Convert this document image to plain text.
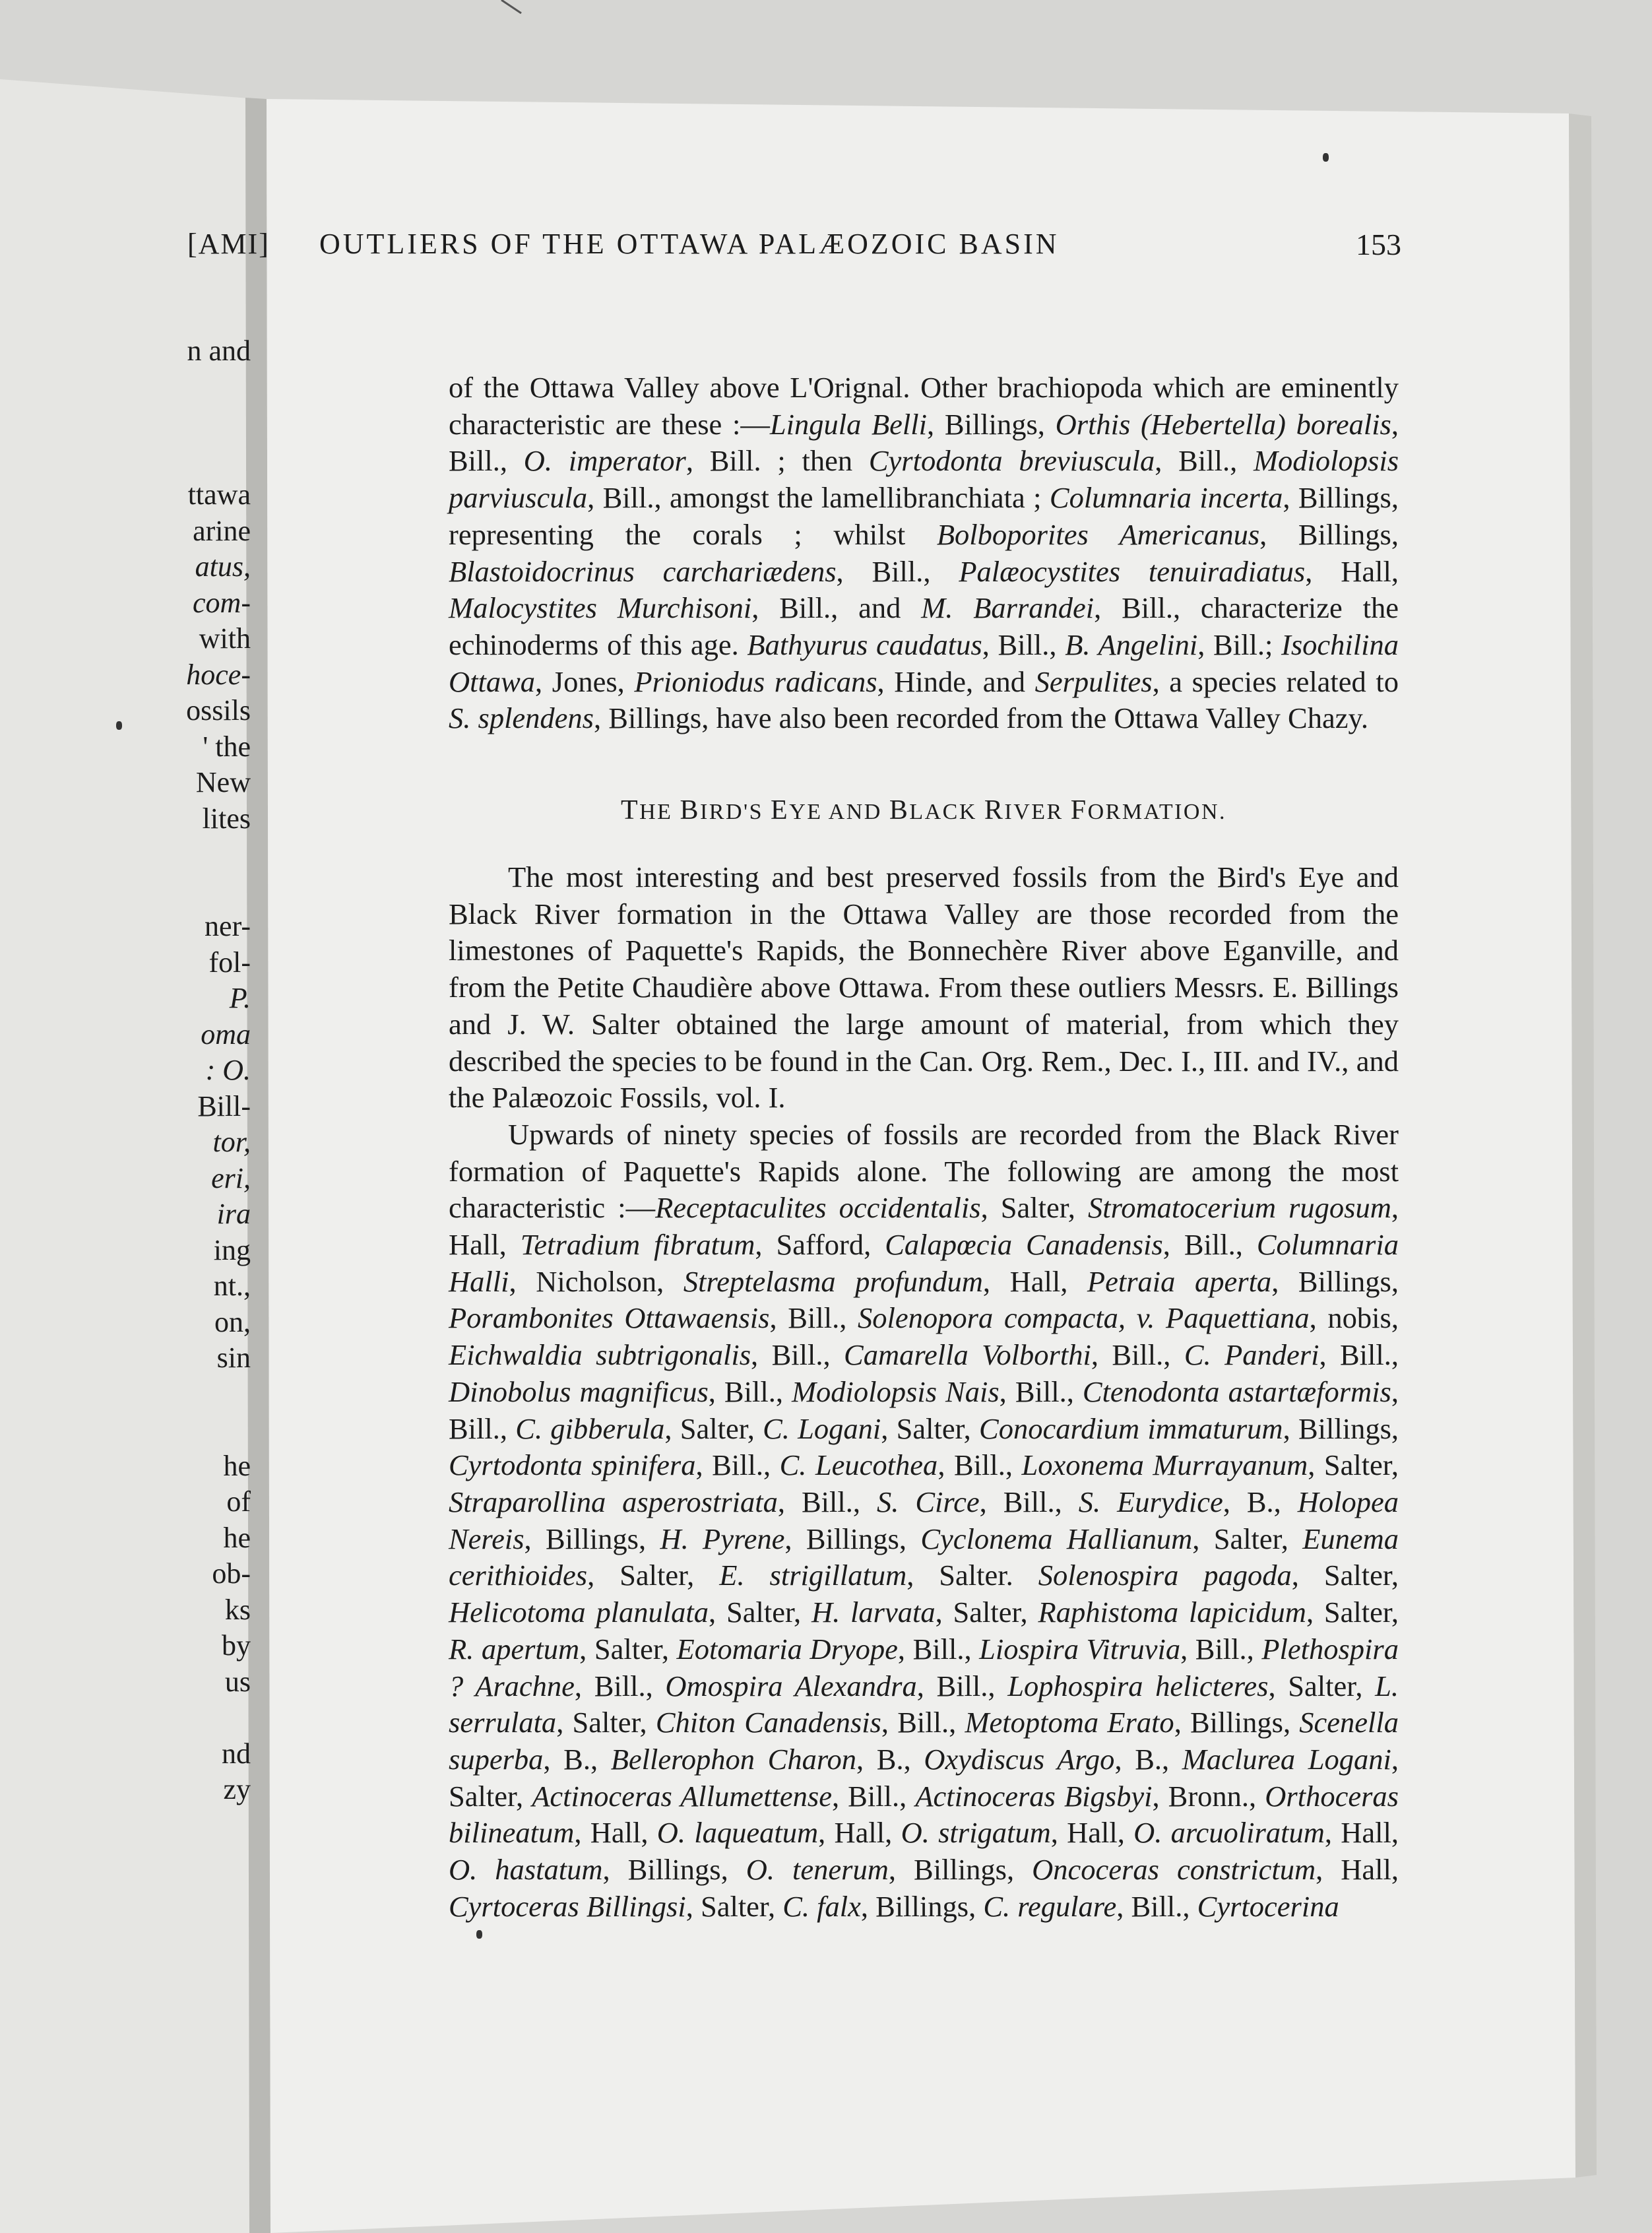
n and
ttawa
arine
atus,
com-
with
hoce-
ossils
' the
New
lites
ner-
fol-
P.
oma
: O.
Bill-
tor,
eri,
ira
ing
nt.,
on,
sin
he
of
he
ob-
ks
by
us
nd
zy
[AMI] OUTLIERS OF THE OTTAWA PALÆOZOIC BASIN	153

of the Ottawa Valley above L'Orignal. Other brachiopoda which are eminently characteristic are these :—Lingula Belli, Billings, Orthis (Hebertella) borealis, Bill., O. imperator, Bill. ; then Cyrtodonta breviuscula, Bill., Modiolopsis parviuscula, Bill., amongst the lamellibranchiata ; Columnaria incerta, Billings, representing the corals ; whilst Bolboporites Americanus, Billings, Blastoidocrinus carchariædens, Bill., Palæocystites tenuiradiatus, Hall, Malocystites Murchisoni, Bill., and M. Barrandei, Bill., characterize the echinoderms of this age. Bathyurus caudatus, Bill., B. Angelini, Bill.; Isochilina Ottawa, Jones, Prioniodus radicans, Hinde, and Serpulites, a species related to S. splendens, Billings, have also been recorded from the Ottawa Valley Chazy.

THE BIRD'S EYE AND BLACK RIVER FORMATION.

The most interesting and best preserved fossils from the Bird's Eye and Black River formation in the Ottawa Valley are those recorded from the limestones of Paquette's Rapids, the Bonnechère River above Eganville, and from the Petite Chaudière above Ottawa. From these outliers Messrs. E. Billings and J. W. Salter obtained the large amount of material, from which they described the species to be found in the Can. Org. Rem., Dec. I., III. and IV., and the Palæozoic Fossils, vol. I.

Upwards of ninety species of fossils are recorded from the Black River formation of Paquette's Rapids alone. The following are among the most characteristic :—Receptaculites occidentalis, Salter, Stromatocerium rugosum, Hall, Tetradium fibratum, Safford, Calapœcia Canadensis, Bill., Columnaria Halli, Nicholson, Streptelasma profundum, Hall, Petraia aperta, Billings, Porambonites Ottawaensis, Bill., Solenopora compacta, v. Paquettiana, nobis, Eichwaldia subtrigonalis, Bill., Camarella Volborthi, Bill., C. Panderi, Bill., Dinobolus magnificus, Bill., Modiolopsis Nais, Bill., Ctenodonta astartæformis, Bill., C. gibberula, Salter, C. Logani, Salter, Conocardium immaturum, Billings, Cyrtodonta spinifera, Bill., C. Leucothea, Bill., Loxonema Murrayanum, Salter, Straparollina asperostriata, Bill., S. Circe, Bill., S. Eurydice, B., Holopea Nereis, Billings, H. Pyrene, Billings, Cyclonema Hallianum, Salter, Eunema cerithioides, Salter, E. strigillatum, Salter. Solenospira pagoda, Salter, Helicotoma planulata, Salter, H. larvata, Salter, Raphistoma lapicidum, Salter, R. apertum, Salter, Eotomaria Dryope, Bill., Liospira Vitruvia, Bill., Plethospira ? Arachne, Bill., Omospira Alexandra, Bill., Lophospira helicteres, Salter, L. serrulata, Salter, Chiton Canadensis, Bill., Metoptoma Erato, Billings, Scenella superba, B., Bellerophon Charon, B., Oxydiscus Argo, B., Maclurea Logani, Salter, Actinoceras Allumettense, Bill., Actinoceras Bigsbyi, Bronn., Orthoceras bilineatum, Hall, O. laqueatum, Hall, O. strigatum, Hall, O. arcuoliratum, Hall, O. hastatum, Billings, O. tenerum, Billings, Oncoceras constrictum, Hall, Cyrtoceras Billingsi, Salter, C. falx, Billings, C. regulare, Bill., Cyrtocerina
